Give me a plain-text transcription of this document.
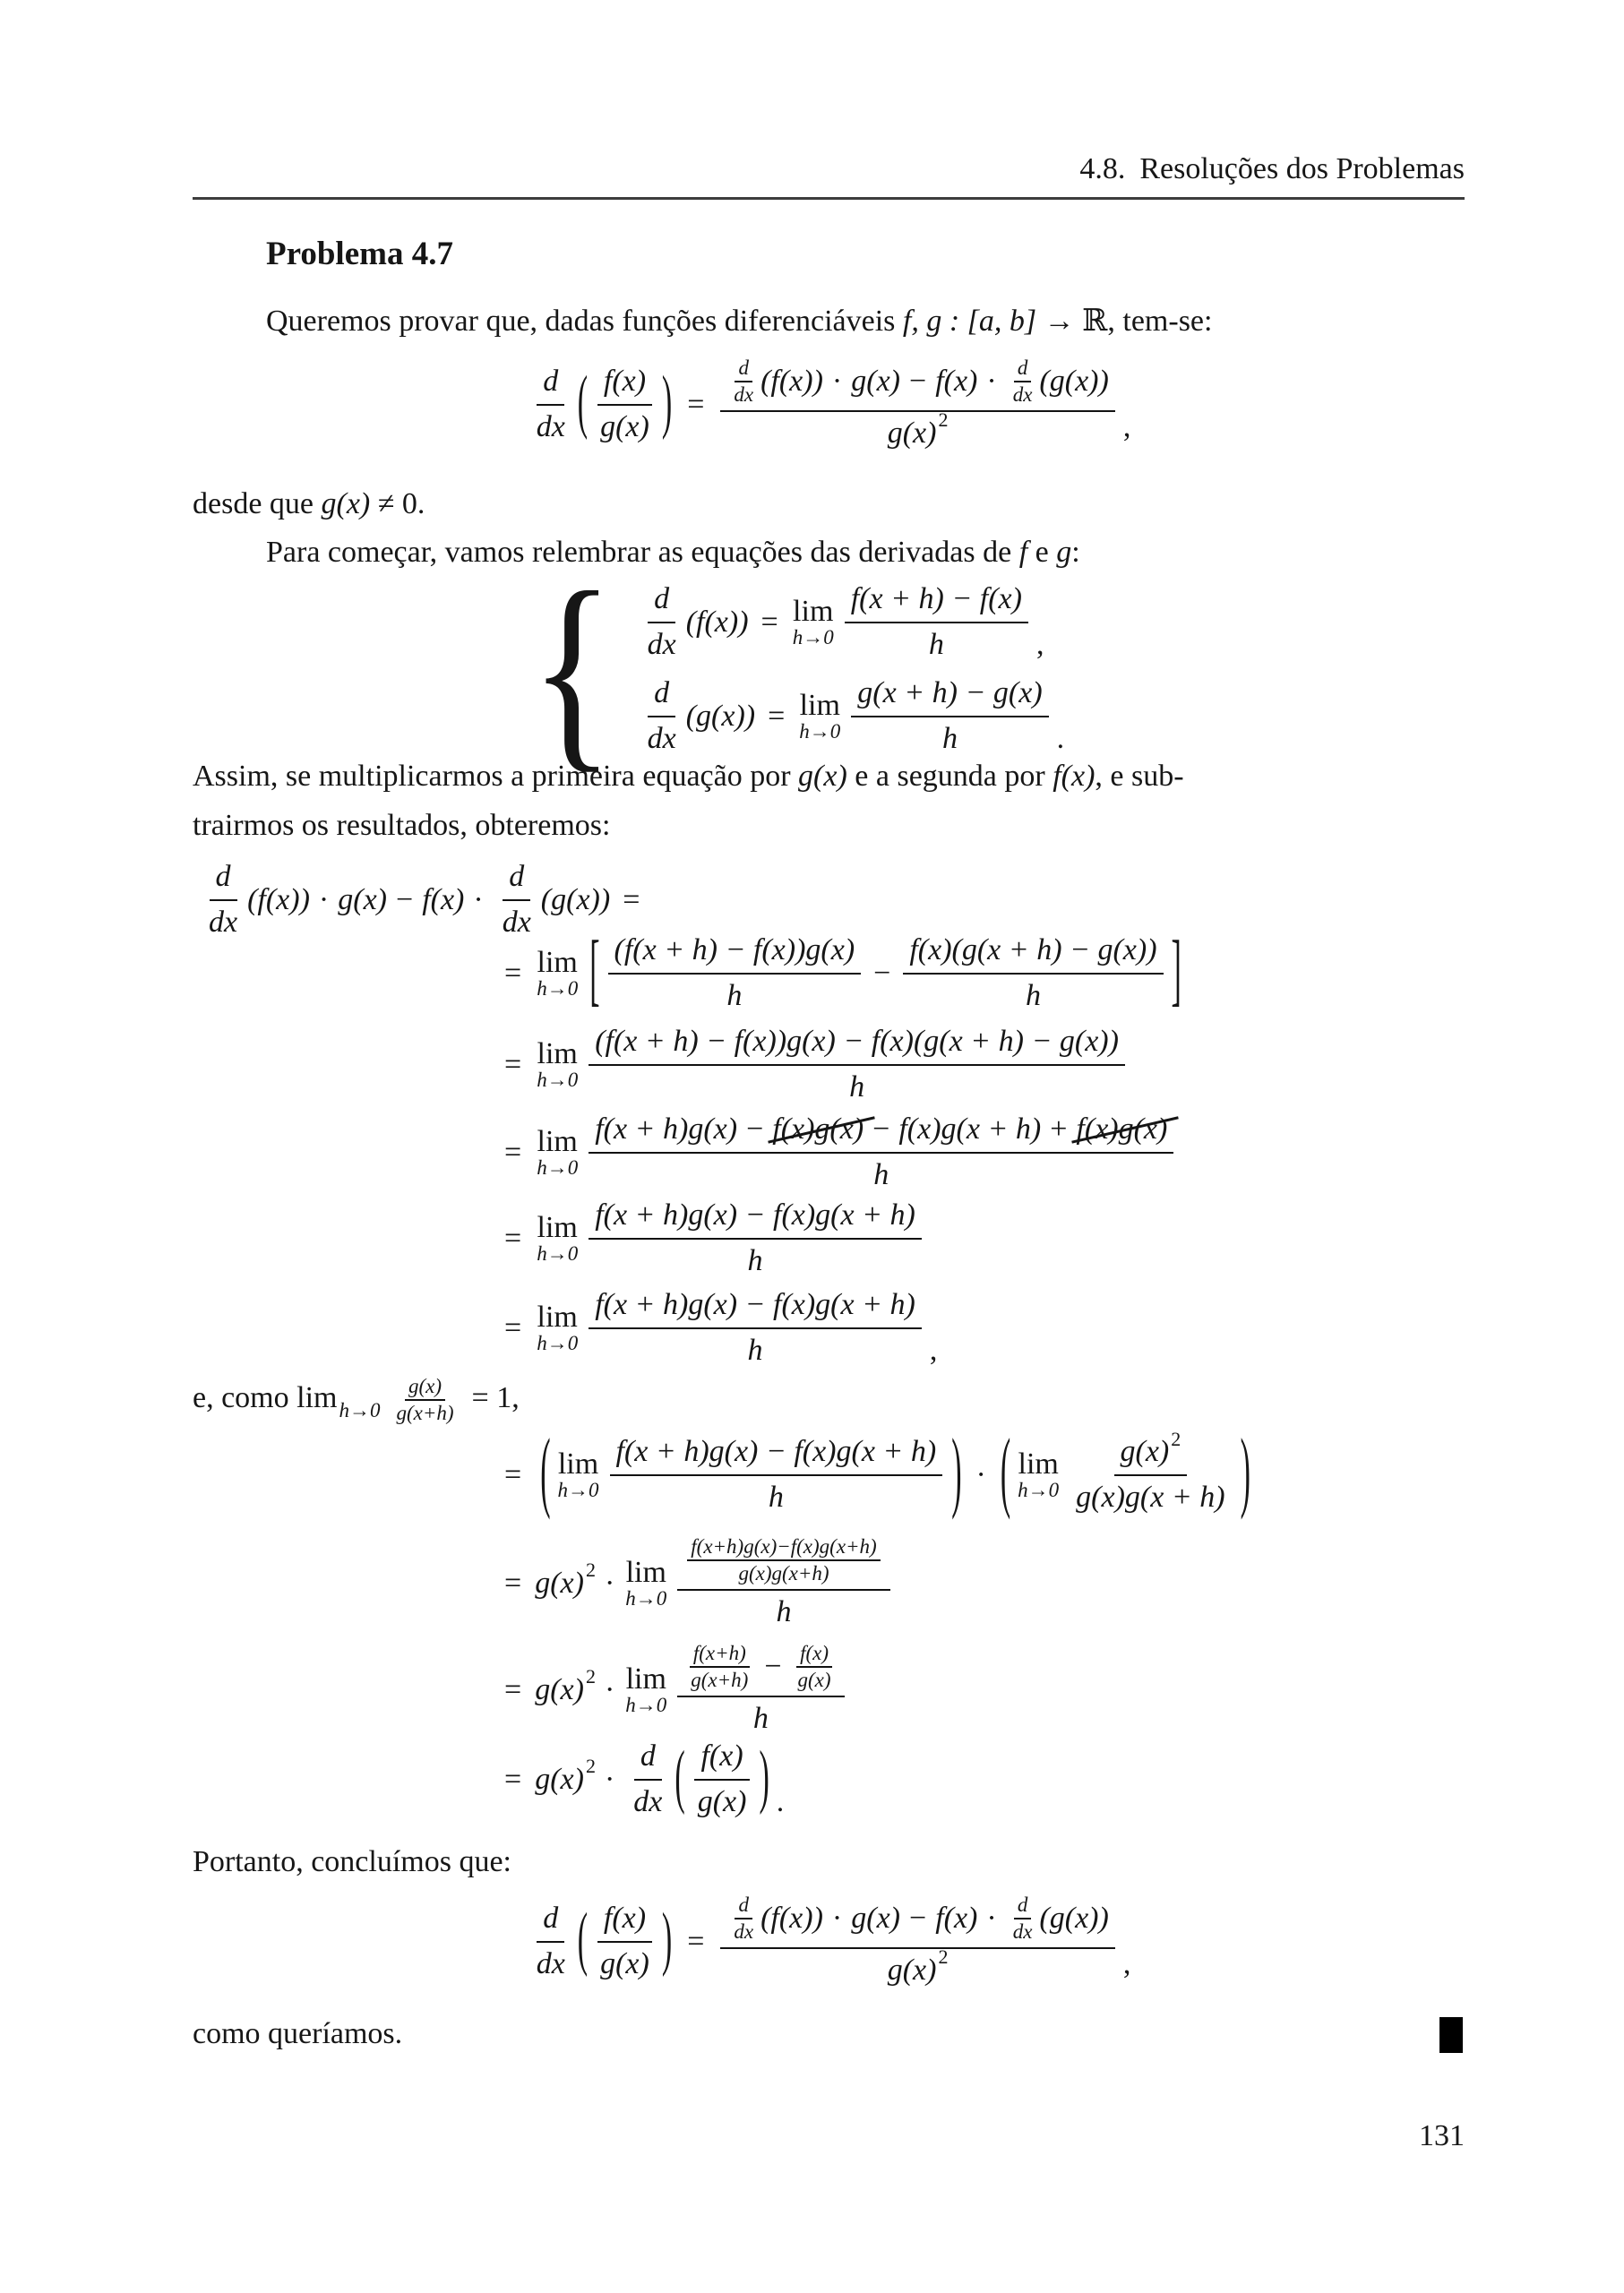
4.8. Resoluções dos Problemas
Problema 4.7
Queremos provar que, dadas funções diferenciáveis f, g : [a, b] → ℝ, tem-se:
$\frac{d}{dx}$ ( $\frac{f(x)}{g(x)}$ ) = $\frac{d}{dx} (f(x)) \cdot g(x) - f(x) \cdot \frac{d}{dx} (g(x))$
g(x) 2	,
desde que g(x) ≠ 0.
Para começar, vamos relembrar as equações das derivadas de f e g:
{ $\frac{d}{dx} (f(x)) = \lim$
$h\to 0 \frac{f(x + h) - f(x)}{h}$ ,
$\frac{d}{dx} (g(x)) = \lim$
$h\to 0 \frac{g(x + h) - g(x)}{h}$ .
Assim, se multiplicarmos a primeira equação por g(x) e a segunda por f(x), e sub-
trairmos os resultados, obteremos:
$\frac{d}{dx} (f(x)) \cdot g(x) - f(x) \cdot \frac{d}{dx} (g(x))$ =
= lim
h→0 [ $\frac{(f(x + h) - f(x))g(x)}{h} - \frac{f(x)(g(x + h) - g(x))}{h}$ ]
= lim
$h\to 0 \frac{(f(x + h) - f(x))g(x) - f(x)(g(x + h) - g(x))}{h}$
= lim
h→0
f(x + h)g(x) − f(x)g(x) − f(x)g(x + h) + f(x)g(x)
h
= lim
$h\to 0 \frac{f(x + h)g(x) - f(x)g(x + h)}{h}$
= lim
$h\to 0 \frac{f(x + h)g(x) - f(x)g(x + h)}{h}$ ,
e, como $\lim_{h\to 0} \frac{g(x)}{g(x+h)} = 1$,
= ( lim
$h\to 0 \frac{f(x + h)g(x) - f(x)g(x + h)}{h}$ ) · ( lim
$h\to 0 \frac{g(x) 2}{g(x)g(x + h)}$ )
= g(x) 2 · lim
$h\to 0 \frac{\frac{f(x+h)g(x)-f(x)g(x+h)}{g(x)g(x+h)}}{h}$
= g(x) 2 · lim
$h\to 0 \frac{\frac{f(x+h)}{g(x+h)} - \frac{f(x)}{g(x)}}{h}$
= g(x) $2 \cdot \frac{d}{dx}$ ( $\frac{f(x)}{g(x)}$ ) .
Portanto, concluímos que:
$\frac{d}{dx}$ ( $\frac{f(x)}{g(x)}$ ) = $\frac{d}{dx} (f(x)) \cdot g(x) - f(x) \cdot \frac{d}{dx} (g(x))$
g(x) 2	,
como queríamos.
131
